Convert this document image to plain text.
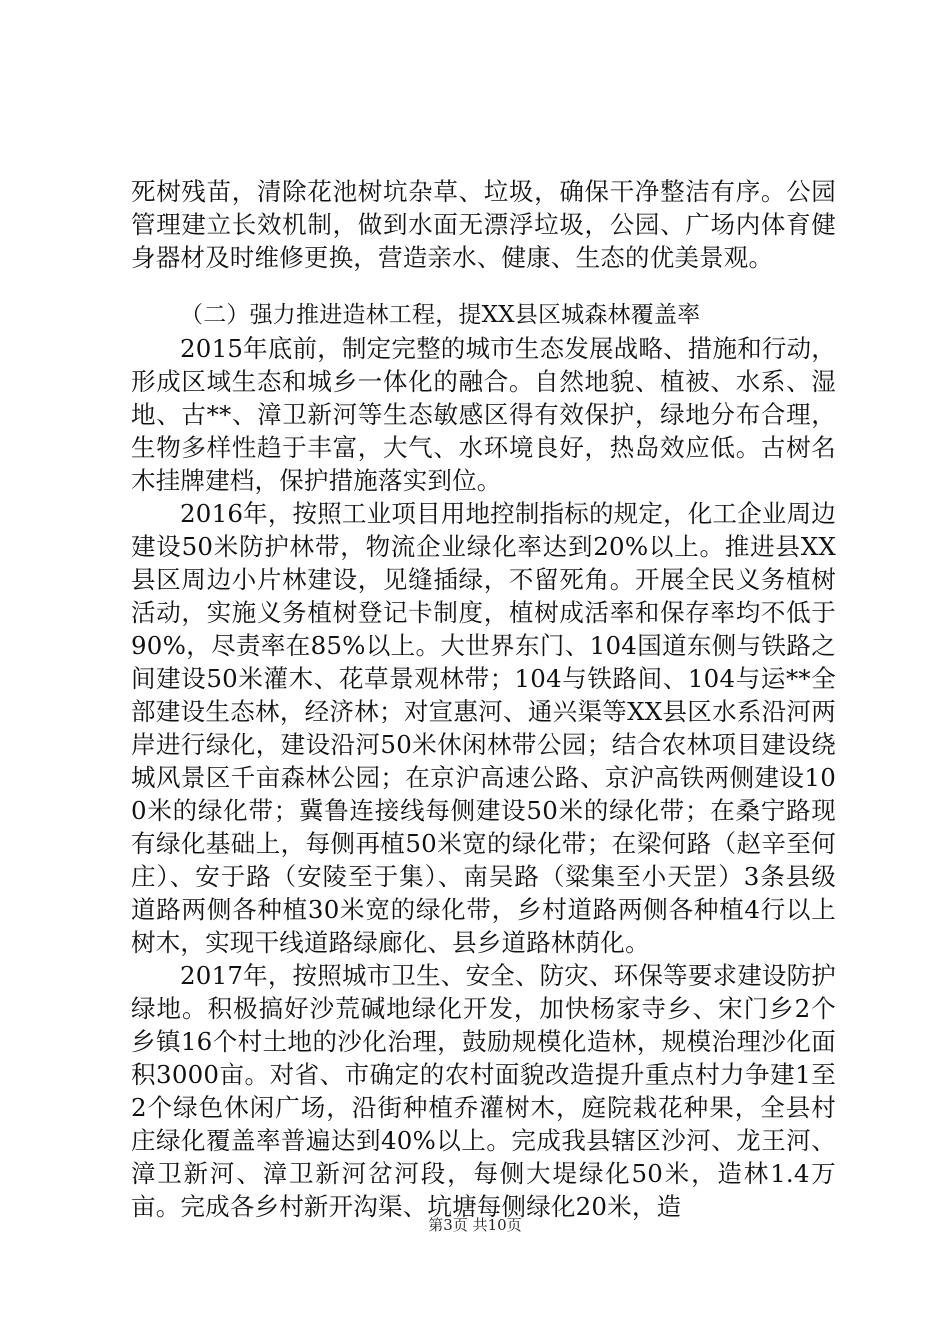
死树残苗，清除花池树坑杂草、垃圾，确保干净整洁有序。公园管理建立长效机制，做到水面无漂浮垃圾，公园、广场内体育健身器材及时维修更换，营造亲水、健康、生态的优美景观。

（二）强力推进造林工程，提XX县区城森林覆盖率

2015年底前，制定完整的城市生态发展战略、措施和行动，形成区域生态和城乡一体化的融合。自然地貌、植被、水系、湿地、古**、漳卫新河等生态敏感区得有效保护，绿地分布合理，生物多样性趋于丰富，大气、水环境良好，热岛效应低。古树名木挂牌建档，保护措施落实到位。

2016年，按照工业项目用地控制指标的规定，化工企业周边建设50米防护林带，物流企业绿化率达到20%以上。推进县XX县区周边小片林建设，见缝插绿，不留死角。开展全民义务植树活动，实施义务植树登记卡制度，植树成活率和保存率均不低于90%，尽责率在85%以上。大世界东门、104国道东侧与铁路之间建设50米灌木、花草景观林带；104与铁路间、104与运**全部建设生态林，经济林；对宣惠河、通兴渠等XX县区水系沿河两岸进行绿化，建设沿河50米休闲林带公园；结合农林项目建设绕城风景区千亩森林公园；在京沪高速公路、京沪高铁两侧建设100米的绿化带；冀鲁连接线每侧建设50米的绿化带；在桑宁路现有绿化基础上，每侧再植50米宽的绿化带；在梁何路（赵辛至何庄）、安于路（安陵至于集）、南吴路（粱集至小天罡）3条县级道路两侧各种植30米宽的绿化带，乡村道路两侧各种植4行以上树木，实现干线道路绿廊化、县乡道路林荫化。

2017年，按照城市卫生、安全、防灾、环保等要求建设防护绿地。积极搞好沙荒碱地绿化开发，加快杨家寺乡、宋门乡2个乡镇16个村土地的沙化治理，鼓励规模化造林，规模治理沙化面积3000亩。对省、市确定的农村面貌改造提升重点村力争建1至2个绿色休闲广场，沿街种植乔灌树木，庭院栽花种果，全县村庄绿化覆盖率普遍达到40%以上。完成我县辖区沙河、龙王河、漳卫新河、漳卫新河岔河段，每侧大堤绿化50米，造林1.4万亩。完成各乡村新开沟渠、坑塘每侧绿化20米，造

第3页 共10页
